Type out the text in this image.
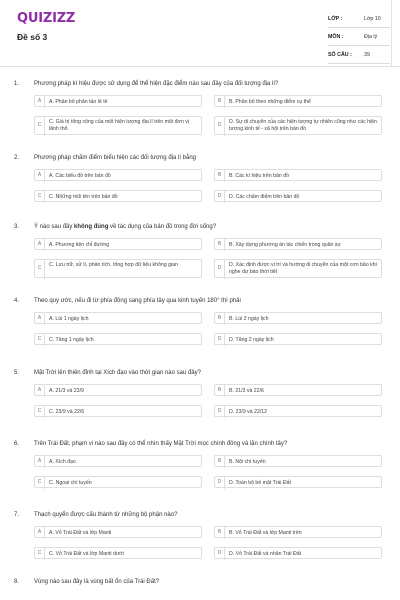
QUIZIZZ
Đề số 3
LỚP :	Lớp 10
MÔN :	Địa lý
SỐ CÂU : 39
1. Phương pháp kí hiệu được sử dụng để thể hiện đặc điểm nào sau đây của đối tượng địa lí?
A	A. Phân bố phân tán lẻ tẻ	B	B. Phân bố theo những điểm cụ thể
C
C. Giá trị tổng cộng của một hiện tượng địa lí trên một đơn vị lãnh thổ
D
D. Sự di chuyển của các hiện tượng tự nhiên cũng như các hiện tượng kinh tế - xã hội trên bản đồ
2. Phương pháp chấm điểm biểu hiện các đối tượng địa lí bằng
A	A. Các biểu đồ trên bản đồ	B	B. Các kí hiệu trên bản đồ
C	C. Những mũi tên trên bản đồ	D	D. Các chấm điểm trên bản đồ
3. Ý nào sau đây không đúng về tác dụng của bản đồ trong đời sống?
A	A. Phương tiện chỉ đường	B	B. Xây dựng phương án tác chiến trong quân sự
C
C. Lưu trữ, xử lí, phân tích, tổng hợp dữ liệu không gian
D
D. Xác định được vị trí và hướng di chuyển của một cơn bão khi nghe dự báo thời tiết
4. Theo quy ước, nếu đi từ phía đông sang phía tây qua kinh tuyến 180° thì phải
A	A. Lùi 1 ngày lịch	B	B. Lùi 2 ngày lịch
C	C. Tăng 1 ngày lịch	D	D. Tăng 2 ngày lịch
5. Mặt Trời lên thiên đỉnh tại Xích đạo vào thời gian nào sau đây?
A	A. 21/3 và 23/9	B	B. 21/3 và 22/6
C	C. 23/9 và 22/6	D	D. 23/9 và 22/12
6. Trên Trái Đất, phạm vi nào sau đây có thể nhìn thấy Mặt Trời mọc chính đông và lặn chính tây?
A	A. Xích đạo	B	B. Nội chí tuyến
C	C. Ngoại chí tuyến	D	D. Toàn bộ bề mặt Trái Đất
7. Thạch quyển được cấu thành từ những bộ phận nào?
A	A. Vỏ Trái Đất và lớp Manti	B	B. Vỏ Trái Đất và lớp Manti trên
C	C. Vỏ Trái Đất và lớp Manti dưới	D	D. Vỏ Trái Đất và nhân Trái Đất
8. Vùng nào sau đây là vùng bất ổn của Trái Đất?
